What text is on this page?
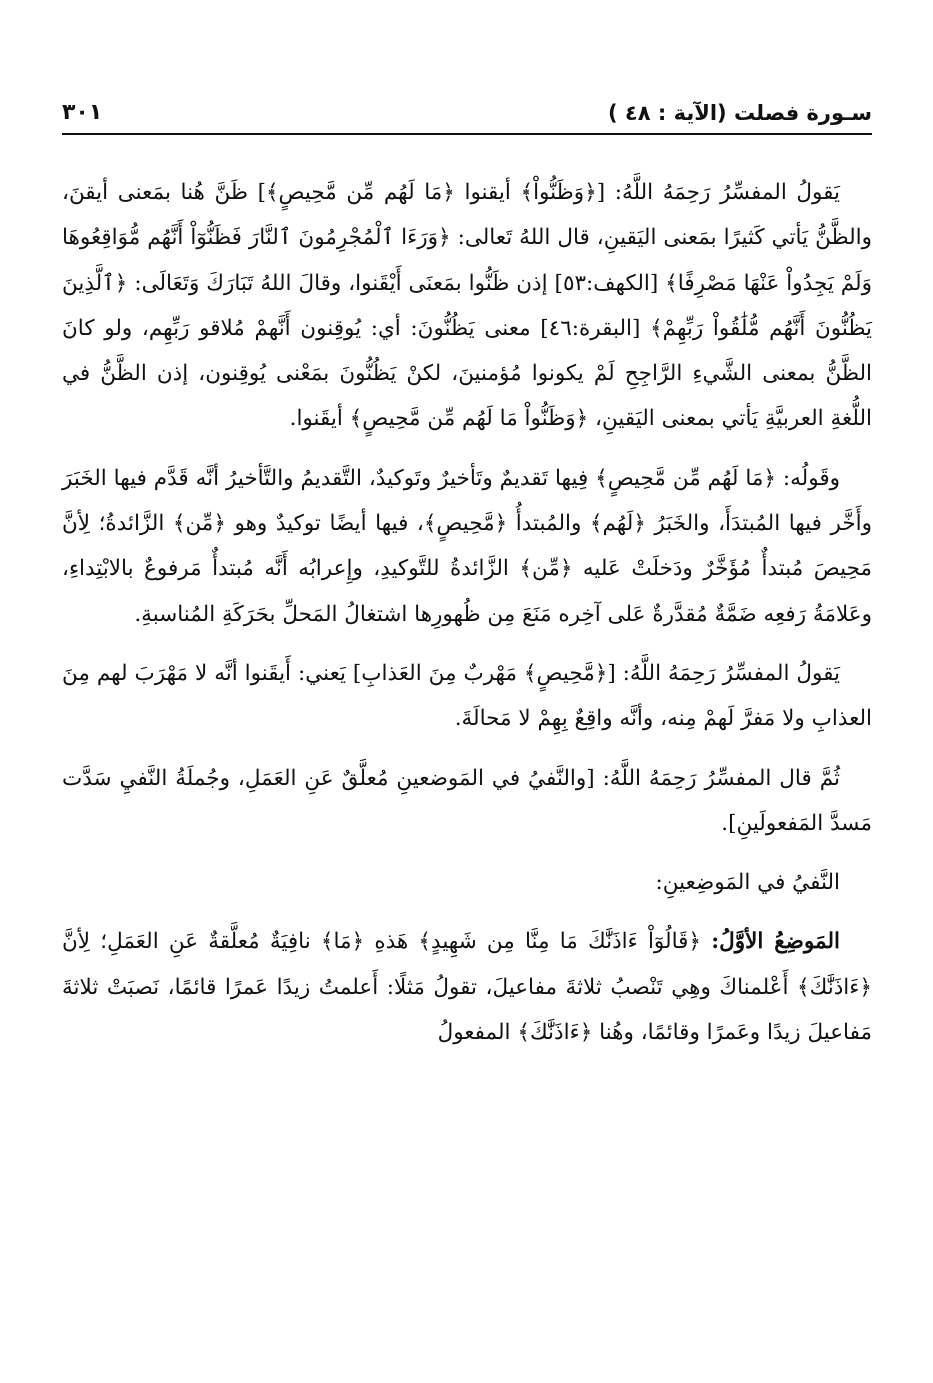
سـورة فصلت (الآية : ٤٨ )
٣٠١

يَقولُ المفسِّرُ رَحِمَهُ اللَّهُ: [﴿وَظَنُّواْ﴾ أيقنوا ﴿مَا لَهُم مِّن مَّحِيصٍ﴾] ظَنَّ هُنا بمَعنى أيقنَ، والظَّنُّ يَأتي كَثيرًا بمَعنى اليَقينِ، قال اللهُ تَعالى: ﴿وَرَءَا ٱلْمُجْرِمُونَ ٱلنَّارَ فَظَنُّوٓاْ أَنَّهُم مُّوَاقِعُوهَا وَلَمْ يَجِدُواْ عَنْهَا مَصْرِفًا﴾ [الكهف:٥٣] إذن ظَنُّوا بمَعنَى أَيْقَنوا، وقالَ اللهُ تَبَارَكَ وَتَعَالَى: ﴿ٱلَّذِينَ يَظُنُّونَ أَنَّهُم مُّلَٰقُواْ رَبِّهِمْ﴾ [البقرة:٤٦] معنى يَظُنُّونَ: أي: يُوقِنون أَنَّهمْ مُلاقو رَبِّهِم، ولو كانَ الظَّنُّ بمعنى الشَّيءِ الرَّاجِحِ لَمْ يكونوا مُؤمنينَ، لكنْ يَظُنُّونَ بمَعْنى يُوقِنون، إذن الظَّنُّ في اللُّغةِ العربيَّةِ يَأتي بمعنى اليَقينِ، ﴿وَظَنُّواْ مَا لَهُم مِّن مَّحِيصٍ﴾ أيقَنوا.

وقَولُه: ﴿مَا لَهُم مِّن مَّحِيصٍ﴾ فِيها تَقديمٌ وتَأخيرٌ وتَوكيدٌ، التَّقديمُ والتَّأخيرُ أنَّه قَدَّم فيها الخَبَرَ وأَخَّر فيها المُبتدَأَ، والخَبَرُ ﴿لَهُم﴾ والمُبتدأُ ﴿مَّحِيصٍ﴾، فيها أيضًا توكيدٌ وهو ﴿مِّن﴾ الزَّائدةُ؛ لِأنَّ مَحِيصَ مُبتدأٌ مُؤَخَّرٌ ودَخلَتْ عَليه ﴿مِّن﴾ الزَّائدةُ للتَّوكيدِ، وإِعرابُه أَنَّه مُبتدأٌ مَرفوعٌ بالابْتِداءِ، وعَلامَةُ رَفعِه ضَمَّةٌ مُقدَّرةٌ عَلى آخِره مَنَعَ مِن ظُهورِها اشتغالُ المَحلِّ بحَرَكَةِ المُناسبةِ.

يَقولُ المفسِّرُ رَحِمَهُ اللَّهُ: [﴿مَّحِيصٍ﴾ مَهْربٌ مِنَ العَذابِ] يَعني: أَيقَنوا أنَّه لا مَهْرَبَ لهم مِنَ العذابِ ولا مَفرَّ لَهمْ مِنه، وأنَّه واقِعٌ بِهِمْ لا مَحالَةَ.

ثُمَّ قال المفسِّرُ رَحِمَهُ اللَّهُ: [والنَّفيُ في المَوضعينِ مُعلَّقٌ عَنِ العَمَلِ، وجُملَةُ النَّفيِ سَدَّت مَسدَّ المَفعولَينِ].

النَّفيُ في المَوضِعينِ:

المَوضِعُ الأوَّلُ: ﴿قَالُوٓاْ ءَاذَنَّٰكَ مَا مِنَّا مِن شَهِيدٍ﴾ هَذهِ ﴿مَا﴾ نافِيَةٌ مُعلَّقةٌ عَنِ العَمَلِ؛ لِأنَّ ﴿ءَاذَنَّٰكَ﴾ أَعْلمناكَ وهِي تَنْصبُ ثلاثةَ مفاعيلَ، تقولُ مَثلًا: أَعلمتُ زيدًا عَمرًا قائمًا، نَصبَتْ ثلاثةَ مَفاعيلَ زيدًا وعَمرًا وقائمًا، وهُنا ﴿ءَاذَنَّٰكَ﴾ المفعولُ
